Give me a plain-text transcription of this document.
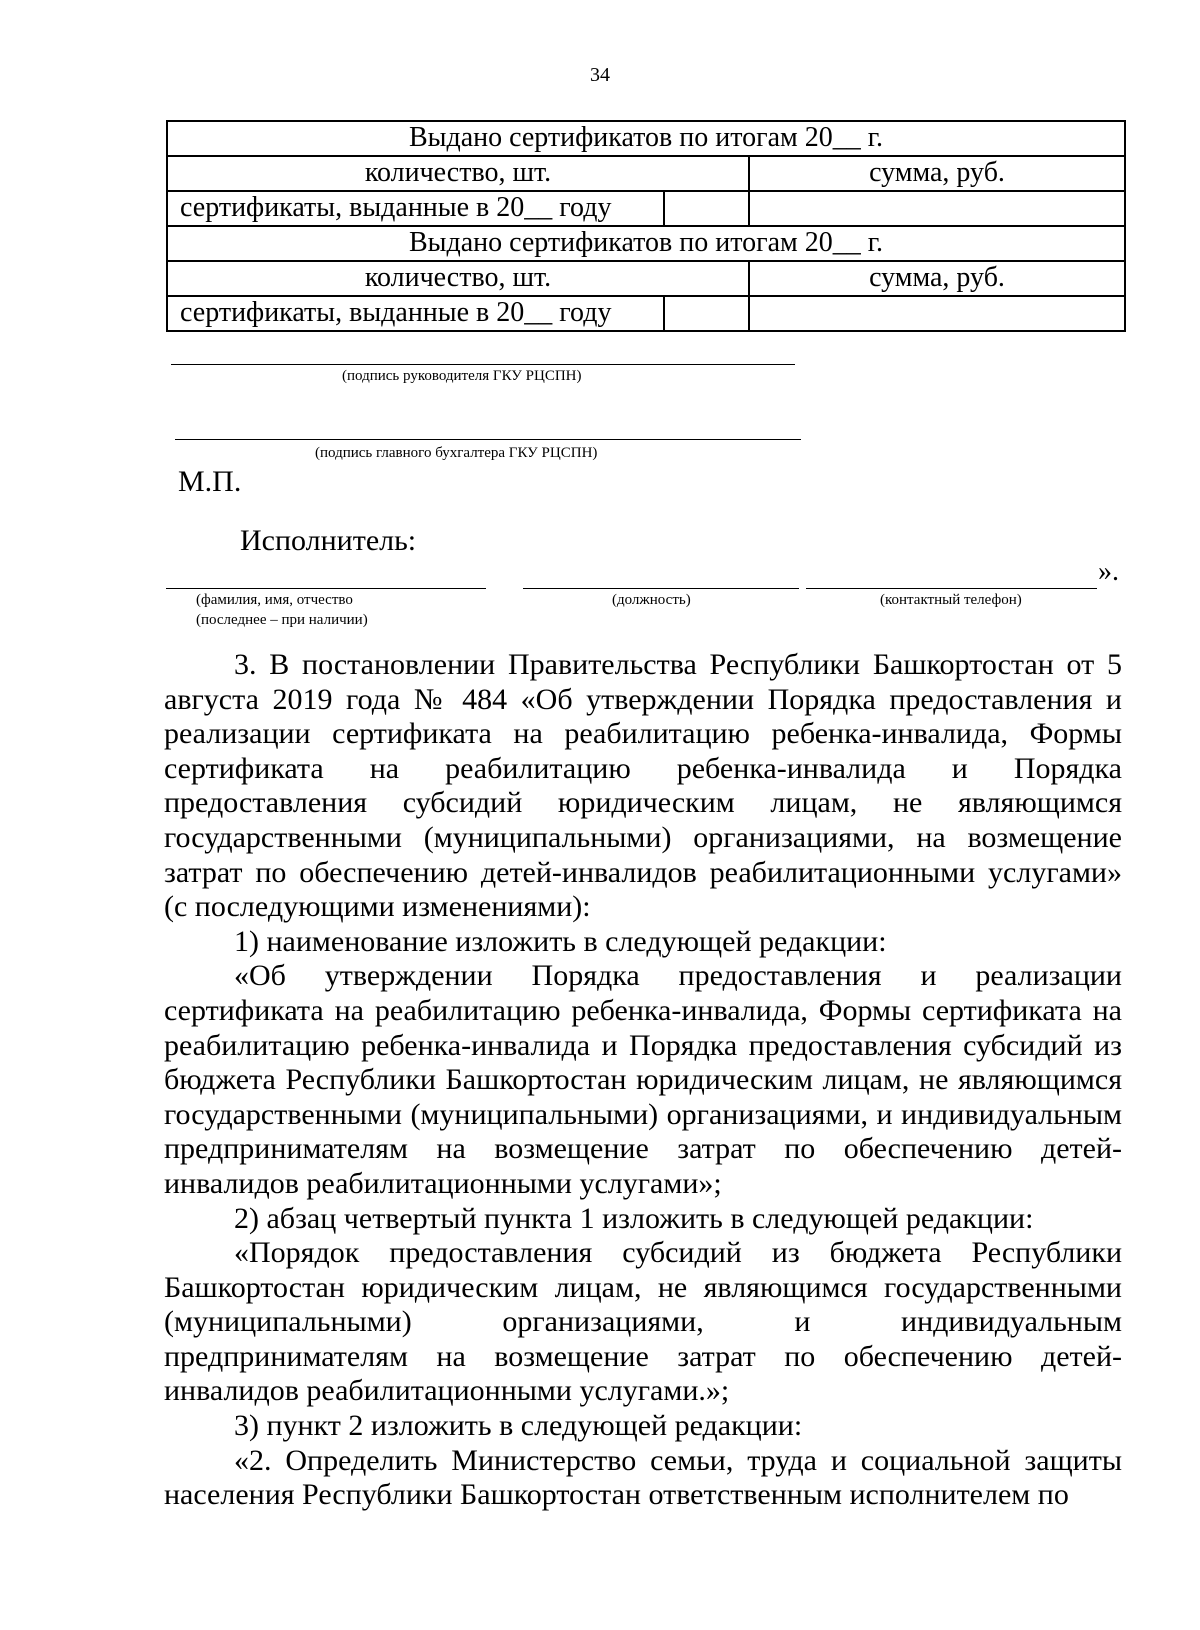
34
Выдано сертификатов по итогам 20__ г.		
количество, шт.		сумма, руб.
сертификаты, выданные в 20__ году		
Выдано сертификатов по итогам 20__ г.		
количество, шт.		сумма, руб.
сертификаты, выданные в 20__ году		
(подпись руководителя ГКУ РЦСПН)
(подпись главного бухгалтера ГКУ РЦСПН)
М.П.
Исполнитель:
».
(фамилия, имя, отчество
(последнее – при наличии)
(должность)	(контактный телефон)

3. В постановлении Правительства Республики Башкортостан от 5 августа 2019 года № 484 «Об утверждении Порядка предоставления и реализации сертификата на реабилитацию ребенка-инвалида, Формы сертификата на реабилитацию ребенка-инвалида и Порядка предоставления субсидий юридическим лицам, не являющимся государственными (муниципальными) организациями, на возмещение затрат по обеспечению детей-инвалидов реабилитационными услугами» (с последующими изменениями):

1) наименование изложить в следующей редакции:

«Об утверждении Порядка предоставления и реализации сертификата на реабилитацию ребенка-инвалида, Формы сертификата на реабилитацию ребенка-инвалида и Порядка предоставления субсидий из бюджета Республики Башкортостан юридическим лицам, не являющимся государственными (муниципальными) организациями, и индивидуальным предпринимателям на возмещение затрат по обеспечению детей-инвалидов реабилитационными услугами»;

2) абзац четвертый пункта 1 изложить в следующей редакции:

«Порядок предоставления субсидий из бюджета Республики Башкортостан юридическим лицам, не являющимся государственными (муниципальными) организациями, и индивидуальным предпринимателям на возмещение затрат по обеспечению детей-инвалидов реабилитационными услугами.»;

3) пункт 2 изложить в следующей редакции:

«2. Определить Министерство семьи, труда и социальной защиты населения Республики Башкортостан ответственным исполнителем по
